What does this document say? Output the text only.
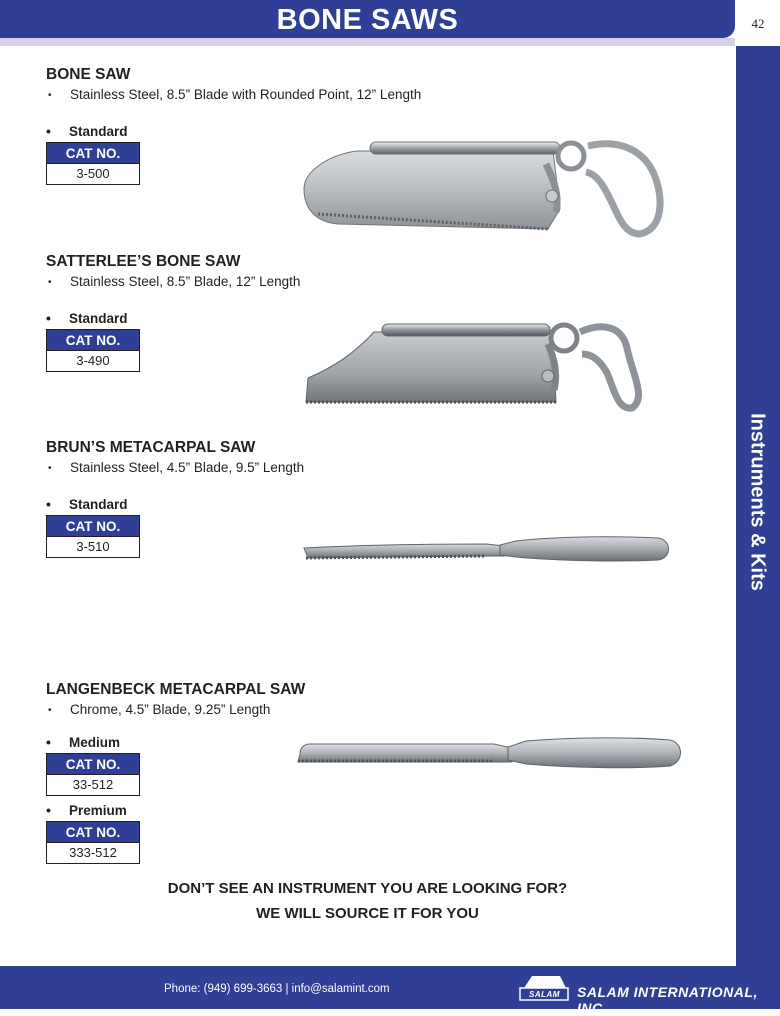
BONE SAWS	42
Instruments & Kits
BONE SAW
• Stainless Steel, 8.5” Blade with Rounded Point, 12” Length
• Standard
CAT NO.
3-500
SATTERLEE’S BONE SAW
• Stainless Steel, 8.5” Blade, 12” Length
• Standard
CAT NO.
3-490
BRUN’S METACARPAL SAW
• Stainless Steel, 4.5” Blade, 9.5” Length
• Standard
CAT NO.
3-510
LANGENBECK METACARPAL SAW
• Chrome, 4.5” Blade, 9.25” Length
• Medium
CAT NO.
33-512
• Premium
CAT NO.
333-512
DON’T SEE AN INSTRUMENT YOU ARE LOOKING FOR?
WE WILL SOURCE IT FOR YOU
Phone: (949) 699-3663 | info@salamint.com	SALAM SALAM INTERNATIONAL, INC.
